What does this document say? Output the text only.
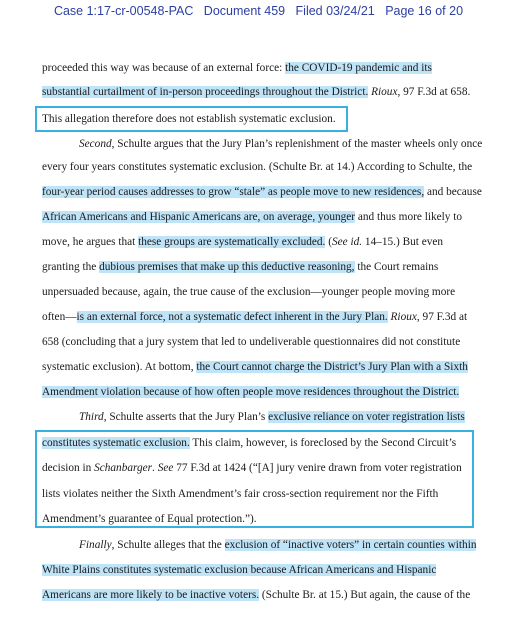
Case 1:17-cr-00548-PAC Document 459 Filed 03/24/21 Page 16 of 20
proceeded this way was because of an external force: the COVID-19 pandemic and its
substantial curtailment of in-person proceedings throughout the District. Rioux, 97 F.3d at 658.
This allegation therefore does not establish systematic exclusion.
Second, Schulte argues that the Jury Plan’s replenishment of the master wheels only once
every four years constitutes systematic exclusion. (Schulte Br. at 14.) According to Schulte, the
four-year period causes addresses to grow “stale” as people move to new residences, and because
African Americans and Hispanic Americans are, on average, younger and thus more likely to
move, he argues that these groups are systematically excluded. (See id. 14–15.) But even
granting the dubious premises that make up this deductive reasoning, the Court remains
unpersuaded because, again, the true cause of the exclusion—younger people moving more
often—is an external force, not a systematic defect inherent in the Jury Plan. Rioux, 97 F.3d at
658 (concluding that a jury system that led to undeliverable questionnaires did not constitute
systematic exclusion). At bottom, the Court cannot charge the District’s Jury Plan with a Sixth
Amendment violation because of how often people move residences throughout the District.
Third, Schulte asserts that the Jury Plan’s exclusive reliance on voter registration lists
constitutes systematic exclusion. This claim, however, is foreclosed by the Second Circuit’s
decision in Schanbarger. See 77 F.3d at 1424 (“[A] jury venire drawn from voter registration
lists violates neither the Sixth Amendment’s fair cross-section requirement nor the Fifth
Amendment’s guarantee of Equal protection.”).
Finally, Schulte alleges that the exclusion of “inactive voters” in certain counties within
White Plains constitutes systematic exclusion because African Americans and Hispanic
Americans are more likely to be inactive voters. (Schulte Br. at 15.) But again, the cause of the
